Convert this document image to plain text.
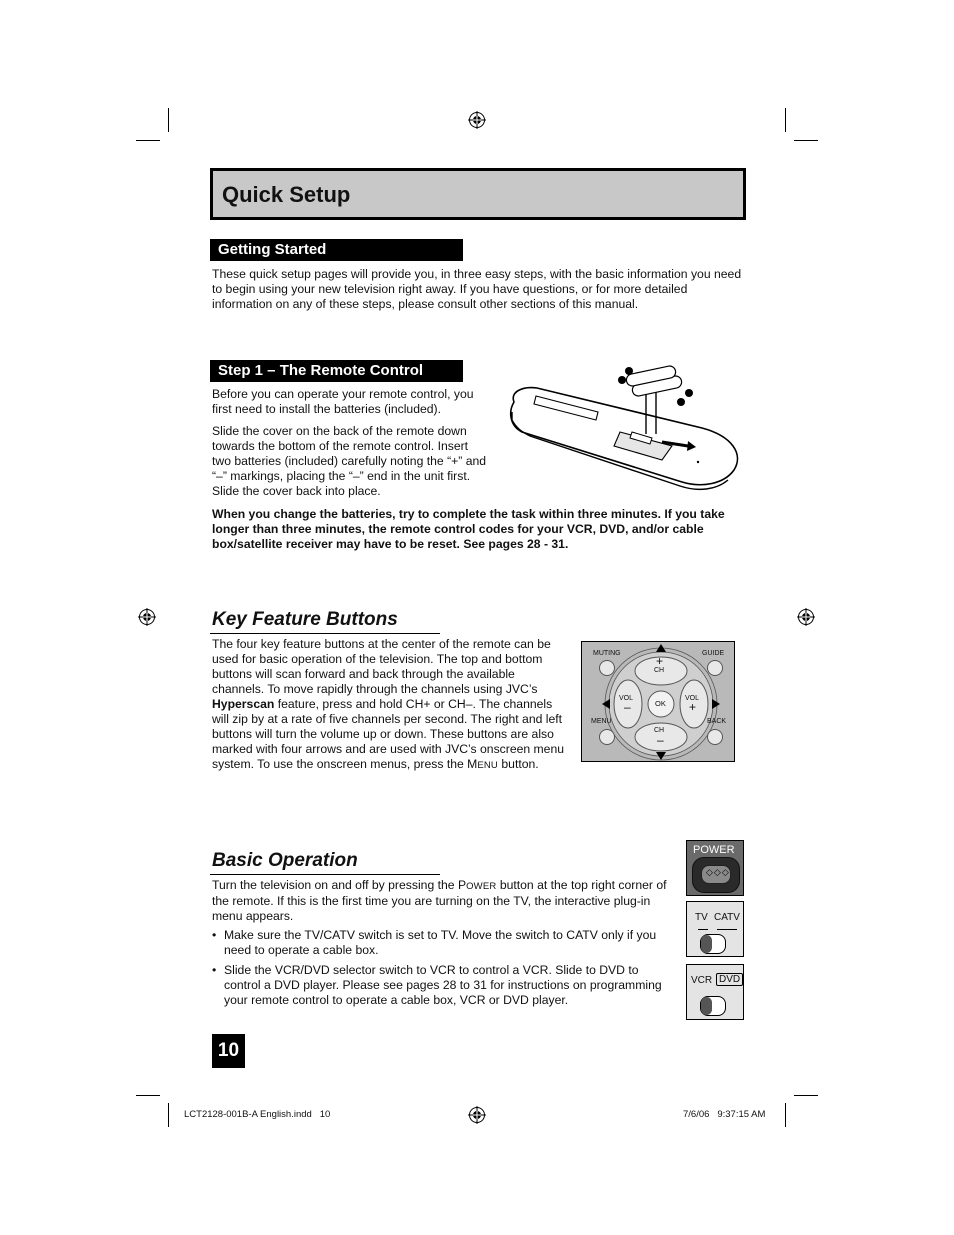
Quick Setup
Getting Started

These quick setup pages will provide you, in three easy steps, with the basic information you need to begin using your new television right away. If you have questions, or for more detailed information on any of these steps, please consult other sections of this manual.

Step 1 – The Remote Control

Before you can operate your remote control, you first need to install the batteries (included).

Slide the cover on the back of the remote down towards the bottom of the remote control. Insert two batteries (included) carefully noting the “+” and “–” markings, placing the “–” end in the unit first. Slide the cover back into place.

When you change the batteries, try to complete the task within three minutes. If you take longer than three minutes, the remote control codes for your VCR, DVD, and/or cable box/satellite receiver may have to be reset. See pages 28 - 31.
Key Feature Buttons
The four key feature buttons at the center of the remote can be used for basic operation of the television. The top and bottom buttons will scan forward and back through the available channels. To move rapidly through the channels using JVC’s Hyperscan feature, press and hold CH+ or CH–. The channels will zip by at a rate of five channels per second. The right and left buttons will turn the volume up or down. These buttons are also marked with four arrows and are used with JVC’s onscreen menu system. To use the onscreen menus, press the MENU button.
MUTING	GUIDE
MENU	BACK
+
CH
CH
–
VOL
–
VOL
+
OK
Basic Operation

Turn the television on and off by pressing the POWER button at the top right corner of the remote. If this is the first time you are turning on the TV, the interactive plug-in menu appears.

• Make sure the TV/CATV switch is set to TV. Move the switch to CATV only if you need to operate a cable box.

• Slide the VCR/DVD selector switch to VCR to control a VCR. Slide to DVD to control a DVD player. Please see pages 28 to 31 for instructions on programming your remote control to operate a cable box, VCR or DVD player.

POWER
◇◇◇
TV CATV
VCR DVD
10
LCT2128-001B-A English.indd   10	7/6/06   9:37:15 AM
